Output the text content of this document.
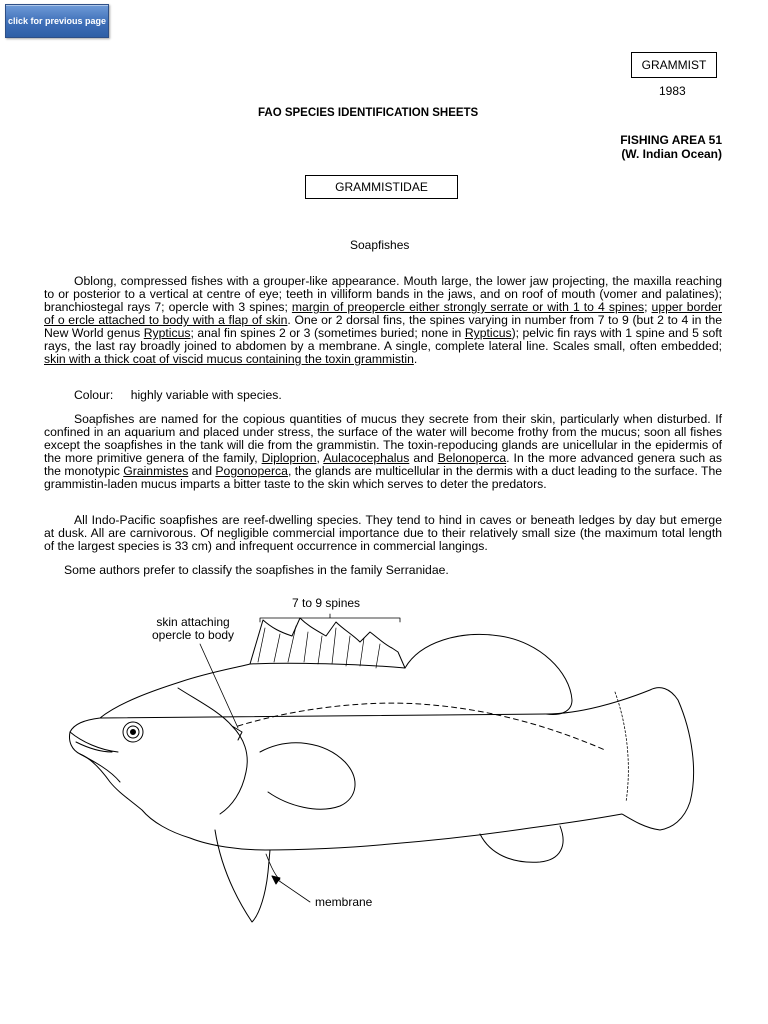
click for previous page
GRAMMIST
1983
FAO SPECIES IDENTIFICATION SHEETS
FISHING AREA 51
(W. Indian Ocean)
GRAMMISTIDAE
Soapfishes

Oblong, compressed fishes with a grouper-like appearance. Mouth large, the lower jaw projecting, the maxilla reaching to or posterior to a vertical at centre of eye; teeth in villiform bands in the jaws, and on roof of mouth (vomer and palatines); branchiostegal rays 7; opercle with 3 spines; margin of preopercle either strongly serrate or with 1 to 4 spines; upper border of o ercle attached to body with a flap of skin. One or 2 dorsal fins, the spines varying in number from 7 to 9 (but 2 to 4 in the New World genus Rypticus; anal fin spines 2 or 3 (sometimes buried; none in Rypticus); pelvic fin rays with 1 spine and 5 soft rays, the last ray broadly joined to abdomen by a membrane. A single, complete lateral line. Scales small, often embedded; skin with a thick coat of viscid mucus containing the toxin grammistin.

Colour: highly variable with species.

Soapfishes are named for the copious quantities of mucus they secrete from their skin, particularly when disturbed. If confined in an aquarium and placed under stress, the surface of the water will become frothy from the mucus; soon all fishes except the soapfishes in the tank will die from the grammistin. The toxin-repoducing glands are unicellular in the epidermis of the more primitive genera of the family, Diploprion, Aulacocephalus and Belonoperca. In the more advanced genera such as the monotypic Grainmistes and Pogonoperca, the glands are multicellular in the dermis with a duct leading to the surface. The grammistin-laden mucus imparts a bitter taste to the skin which serves to deter the predators.

All Indo-Pacific soapfishes are reef-dwelling species. They tend to hind in caves or beneath ledges by day but emerge at dusk. All are carnivorous. Of negligible commercial importance due to their relatively small size (the maximum total length of the largest species is 33 cm) and infrequent occurrence in commercial langings.

Some authors prefer to classify the soapfishes in the family Serranidae.
7 to 9 spines
skin attaching
opercle to body
membrane
